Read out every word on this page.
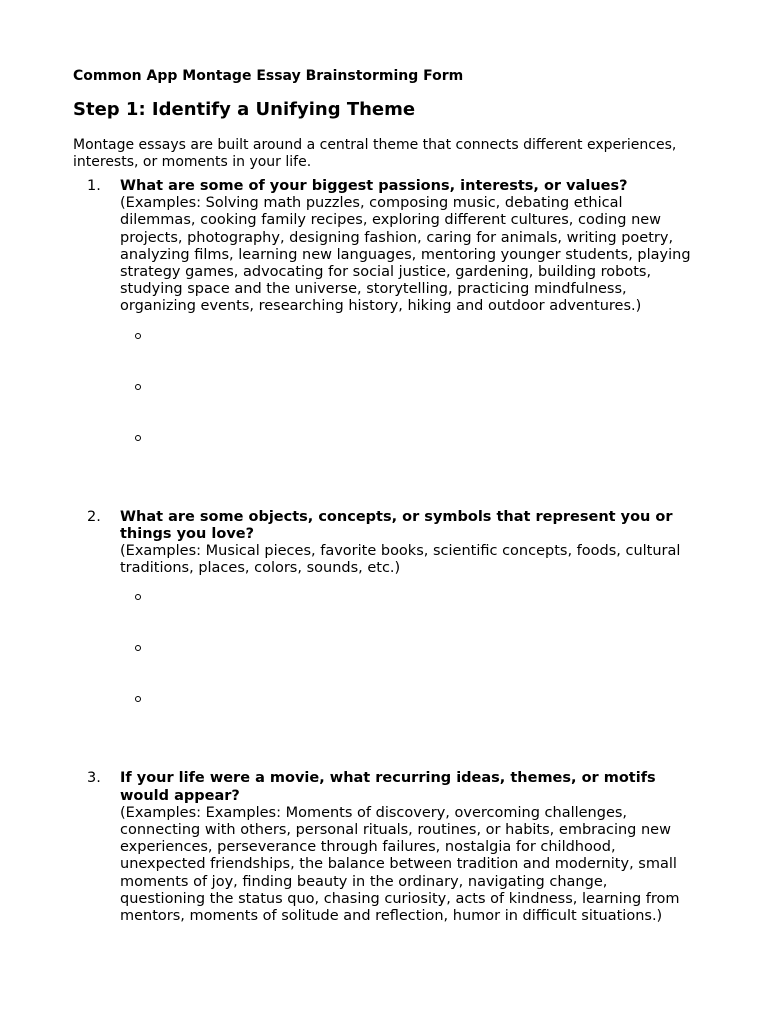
Common App Montage Essay Brainstorming Form

Step 1: Identify a Unifying Theme

Montage essays are built around a central theme that connects different experiences, interests, or moments in your life.

1. What are some of your biggest passions, interests, or values?
(Examples: Solving math puzzles, composing music, debating ethical dilemmas, cooking family recipes, exploring different cultures, coding new projects, photography, designing fashion, caring for animals, writing poetry, analyzing films, learning new languages, mentoring younger students, playing strategy games, advocating for social justice, gardening, building robots, studying space and the universe, storytelling, practicing mindfulness, organizing events, researching history, hiking and outdoor adventures.)
2. What are some objects, concepts, or symbols that represent you or things you love?
(Examples: Musical pieces, favorite books, scientific concepts, foods, cultural traditions, places, colors, sounds, etc.)
3. If your life were a movie, what recurring ideas, themes, or motifs would appear?
(Examples: Examples: Moments of discovery, overcoming challenges, connecting with others, personal rituals, routines, or habits, embracing new experiences, perseverance through failures, nostalgia for childhood, unexpected friendships, the balance between tradition and modernity, small moments of joy, finding beauty in the ordinary, navigating change, questioning the status quo, chasing curiosity, acts of kindness, learning from mentors, moments of solitude and reflection, humor in difficult situations.)
